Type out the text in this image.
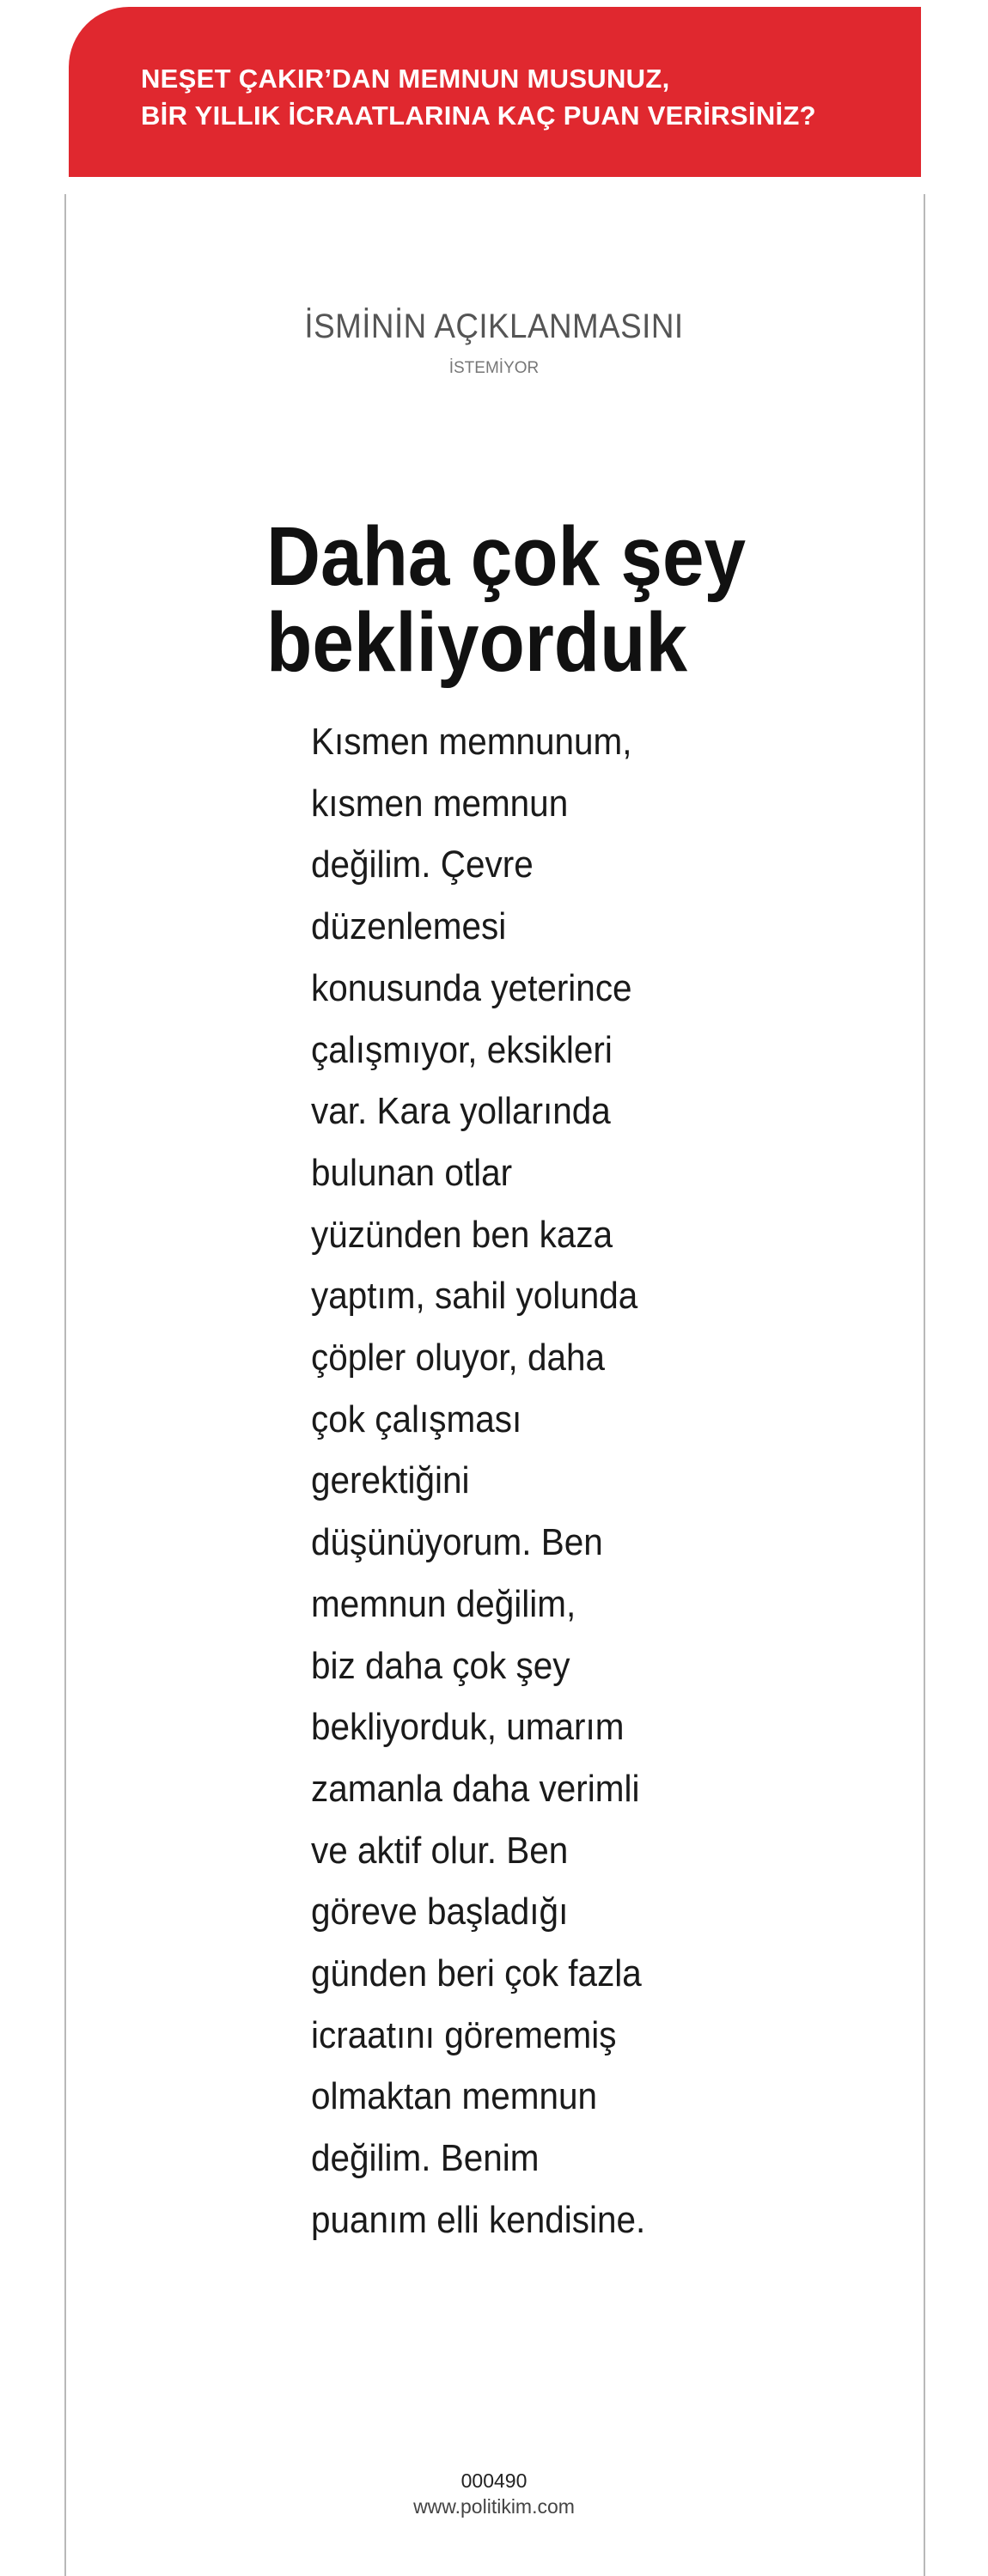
NEŞET ÇAKIR’DAN MEMNUN MUSUNUZ,
BİR YILLIK İCRAATLARINA KAÇ PUAN VERİRSİNİZ?
İSMİNİN AÇIKLANMASINI
İSTEMİYOR
Daha çok şey
bekliyorduk
Kısmen memnunum,
kısmen memnun
değilim. Çevre
düzenlemesi
konusunda yeterince
çalışmıyor, eksikleri
var. Kara yollarında
bulunan otlar
yüzünden ben kaza
yaptım, sahil yolunda
çöpler oluyor, daha
çok çalışması
gerektiğini
düşünüyorum. Ben
memnun değilim,
biz daha çok şey
bekliyorduk, umarım
zamanla daha verimli
ve aktif olur. Ben
göreve başladığı
günden beri çok fazla
icraatını görememiş
olmaktan memnun
değilim. Benim
puanım elli kendisine.
000490
www.politikim.com
